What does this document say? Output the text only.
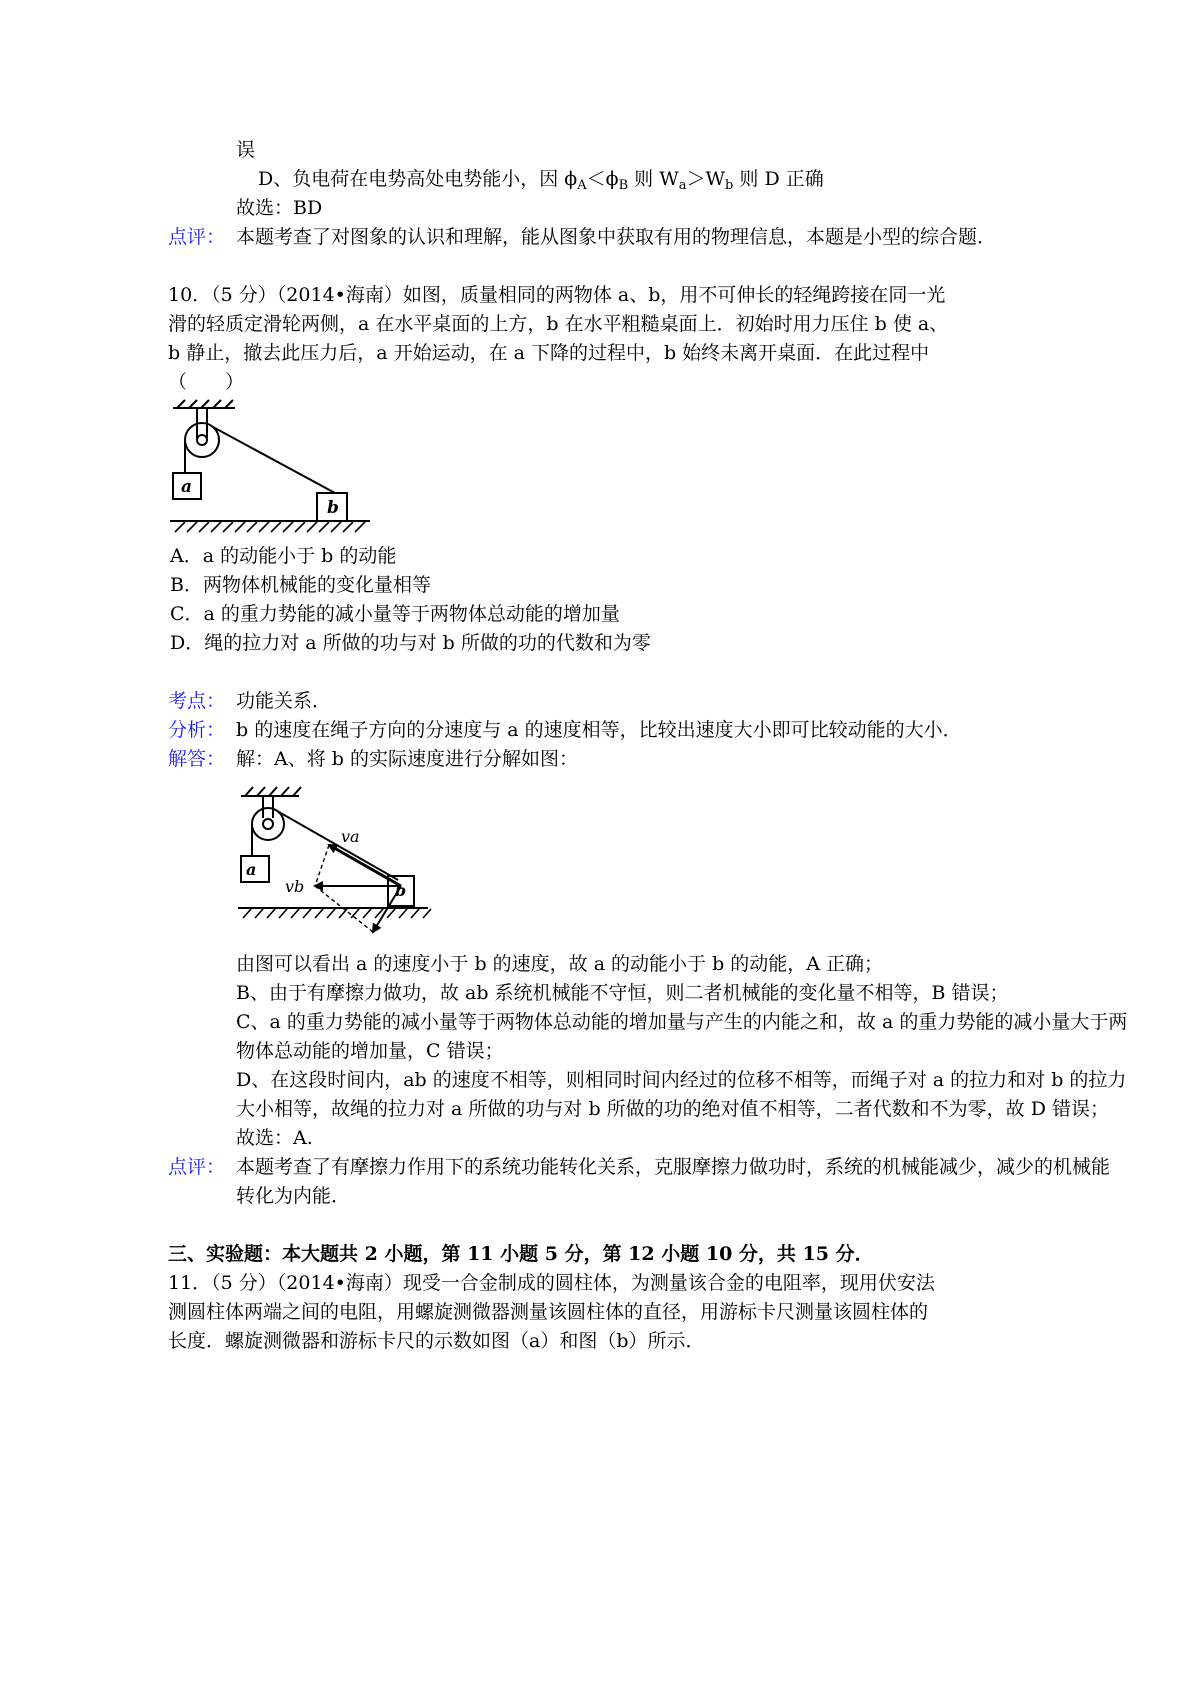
误
D、负电荷在电势高处电势能小，因 $\phi_A<\phi_B$ 则 $W_a>W_b$ 则 D 正确
故选：BD
点评： 本题考查了对图象的认识和理解，能从图象中获取有用的物理信息，本题是小型的综合题．
10．（5 分）（2014•海南）如图，质量相同的两物体 a、b，用不可伸长的轻绳跨接在同一光
滑的轻质定滑轮两侧，a 在水平桌面的上方，b 在水平粗糙桌面上．初始时用力压住 b 使 a、
b 静止，撤去此压力后，a 开始运动，在 a 下降的过程中，b 始终未离开桌面．在此过程中
（　　）
a
b
A．a 的动能小于 b 的动能
B．两物体机械能的变化量相等
C．a 的重力势能的减小量等于两物体总动能的增加量
D．绳的拉力对 a 所做的功与对 b 所做的功的代数和为零
考点： 功能关系．
分析： b 的速度在绳子方向的分速度与 a 的速度相等，比较出速度大小即可比较动能的大小．
解答： 解：A、将 b 的实际速度进行分解如图：
a
b
va
vb
由图可以看出 a 的速度小于 b 的速度，故 a 的动能小于 b 的动能，A 正确；
B、由于有摩擦力做功，故 ab 系统机械能不守恒，则二者机械能的变化量不相等，B 错误；
C、a 的重力势能的减小量等于两物体总动能的增加量与产生的内能之和，故 a 的重力势能的减小量大于两
物体总动能的增加量，C 错误；
D、在这段时间内，ab 的速度不相等，则相同时间内经过的位移不相等，而绳子对 a 的拉力和对 b 的拉力
大小相等，故绳的拉力对 a 所做的功与对 b 所做的功的绝对值不相等，二者代数和不为零，故 D 错误；
故选：A.
点评： 本题考查了有摩擦力作用下的系统功能转化关系，克服摩擦力做功时，系统的机械能减少，减少的机械能
转化为内能．
三、实验题：本大题共 2 小题，第 11 小题 5 分，第 12 小题 10 分，共 15 分．
11．（5 分）（2014•海南）现受一合金制成的圆柱体，为测量该合金的电阻率，现用伏安法
测圆柱体两端之间的电阻，用螺旋测微器测量该圆柱体的直径，用游标卡尺测量该圆柱体的
长度．螺旋测微器和游标卡尺的示数如图（a）和图（b）所示．
